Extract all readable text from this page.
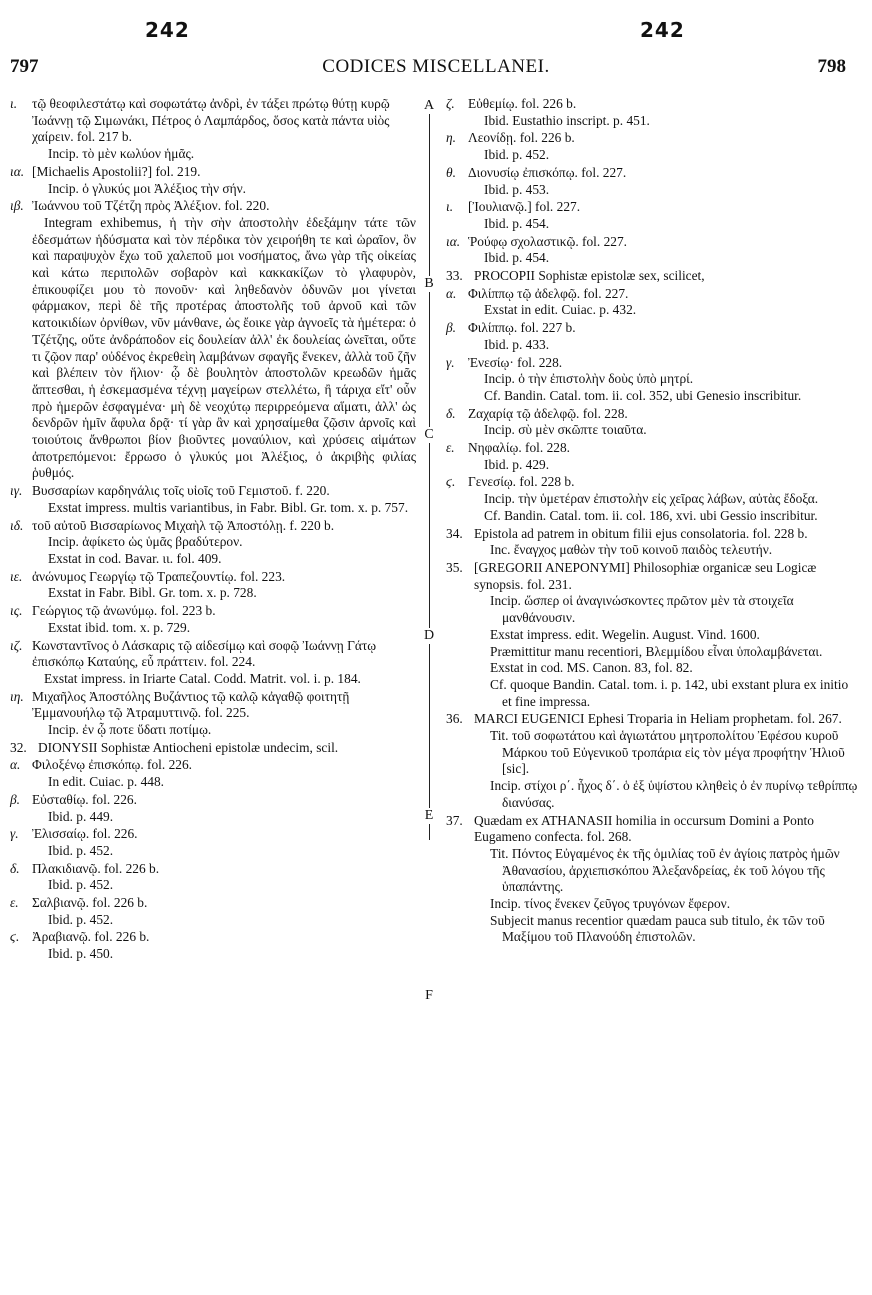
242	242
797	CODICES MISCELLANEI.	798
A
B
C
D
E
F
ι. τῷ θεοφιλεστάτῳ καὶ σοφωτάτῳ ἀνδρὶ, ἐν τάξει πρώτῳ θύτῃ κυρῷ Ἰωάννῃ τῷ Σιμωνάκι, Πέτρος ὁ Λαμπάρδος, ὅσος κατὰ πάντα υἱὸς χαίρειν. fol. 217 b.
Incip. τὸ μὲν κωλύον ἡμᾶς.
ια. [Michaelis Apostolii?] fol. 219.
Incip. ὁ γλυκύς μοι Ἀλέξιος τὴν σήν.
ιβ. Ἰωάννου τοῦ Τζέτζη πρὸς Ἀλέξιον. fol. 220.
Integram exhibemus, ἡ τὴν σὴν ἀποστολὴν ἐδεξάμην τάτε τῶν ἐδεσμάτων ἡδύσματα καὶ τὸν πέρδικα τὸν χειροήθη τε καὶ ὡραῖον, ὃν καὶ παραψυχὸν ἔχω τοῦ χαλεποῦ μοι νοσήματος, ἄνω γὰρ τῆς οἰκείας καὶ κάτω περιπολῶν σοβαρὸν καὶ κακκακίζων τὸ γλαφυρὸν, ἐπικουφίζει μου τὸ πονοῦν· καὶ ληθεδανὸν ὀδυνῶν μοι γίνεται φάρμακον, περὶ δὲ τῆς προτέρας ἀποστολῆς τοῦ ἀρνοῦ καὶ τῶν κατοικιδίων ὀρνίθων, νῦν μάνθανε, ὡς ἔοικε γὰρ ἀγνοεῖς τὰ ἡμέτερα: ὁ Τζέτζης, οὔτε ἀνδράποδον εἰς δουλείαν ἀλλ' ἐκ δουλείας ὠνεῖται, οὔτε τι ζῷον παρ' οὐδένος ἐκρεθεὶη λαμβάνων σφαγῆς ἕνεκεν, ἀλλὰ τοῦ ζῆν καὶ βλέπειν τὸν ἥλιον· ᾧ δὲ βουλητὸν ἀποστολῶν κρεωδῶν ἡμᾶς ἅπτεσθαι, ἡ ἐσκεμασμένα τέχνῃ μαγείρων στελλέτω, ἢ τάριχα εἴτ' οὖν πρὸ ἡμερῶν ἐσφαγμένα· μὴ δὲ νεοχύτῳ περιρρεόμενα αἵματι, ἀλλ' ὡς δενδρῶν ἡμῖν ἄφυλα δρᾷ· τί γὰρ ἂν καὶ χρησαίμεθα ζῷσιν ἀρνοῖς καὶ τοιούτοις ἄνθρωποι βίον βιοῦντες μοναύλιον, καὶ χρύσεις αἱμάτων ἀποτρεπόμενοι: ἔρρωσο ὁ γλυκύς μοι Ἀλέξιος, ὁ ἀκριβὴς φιλίας ῥυθμός.
ιγ. Βυσσαρίων καρδηνάλις τοῖς υἱοῖς τοῦ Γεμιστοῦ. f. 220.
Exstat impress. multis variantibus, in Fabr. Bibl. Gr. tom. x. p. 757.
ιδ. τοῦ αὐτοῦ Βισσαρίωνος Μιχαὴλ τῷ Ἀποστόλῃ. f. 220 b.
Incip. ἀφίκετο ὡς ὑμᾶς βραδύτερον.
Exstat in cod. Bavar. ιι. fol. 409.
ιε. ἀνώνυμος Γεωργίῳ τῷ Τραπεζουντίῳ. fol. 223.
Exstat in Fabr. Bibl. Gr. tom. x. p. 728.
ις. Γεώργιος τῷ ἀνωνύμῳ. fol. 223 b.
Exstat ibid. tom. x. p. 729.
ιζ. Κωνσταντῖνος ὁ Λάσκαρις τῷ αἰδεσίμῳ καὶ σοφῷ Ἰωάννῃ Γάτῳ ἐπισκόπῳ Καταύης, εὖ πράττειν. fol. 224.
Exstat impress. in Iriarte Catal. Codd. Matrit. vol. i. p. 184.
ιη. Μιχαῆλος Ἀποστόλης Βυζάντιος τῷ καλῷ κἀγαθῷ φοιτητῇ Ἐμμανουήλῳ τῷ Ἀτραμυττινῷ. fol. 225.
Incip. ἐν ᾧ ποτε ὕδατι ποτίμῳ.
32. DIONYSII Sophistæ Antiocheni epistolæ undecim, scil.
α. Φιλοξένῳ ἐπισκόπῳ. fol. 226.
In edit. Cuiac. p. 448.
β. Εὐσταθίῳ. fol. 226.
Ibid. p. 449.
γ. Ἐλισσαίῳ. fol. 226.
Ibid. p. 452.
δ. Πλακιδιανῷ. fol. 226 b.
Ibid. p. 452.
ε. Σαλβιανῷ. fol. 226 b.
Ibid. p. 452.
ϛ. Ἀραβιανῷ. fol. 226 b.
Ibid. p. 450.
ζ. Εὐθεμίῳ. fol. 226 b.
Ibid. Eustathio inscript. p. 451.
η. Λεονίδῃ. fol. 226 b.
Ibid. p. 452.
θ. Διονυσίῳ ἐπισκόπῳ. fol. 227.
Ibid. p. 453.
ι. [Ἰουλιανῷ.] fol. 227.
Ibid. p. 454.
ια. Ῥούφῳ σχολαστικῷ. fol. 227.
Ibid. p. 454.
33. PROCOPII Sophistæ epistolæ sex, scilicet,
α. Φιλίππῳ τῷ ἀδελφῷ. fol. 227.
Exstat in edit. Cuiac. p. 432.
β. Φιλίππῳ. fol. 227 b.
Ibid. p. 433.
γ. Ἐνεσίῳ· fol. 228.
Incip. ὁ τὴν ἐπιστολὴν δοὺς ὑπὸ μητρί.
Cf. Bandin. Catal. tom. ii. col. 352, ubi Genesio inscribitur.
δ. Ζαχαρίᾳ τῷ ἀδελφῷ. fol. 228.
Incip. σὺ μὲν σκῶπτε τοιαῦτα.
ε. Νηφαλίῳ. fol. 228.
Ibid. p. 429.
ϛ. Γενεσίῳ. fol. 228 b.
Incip. τὴν ὑμετέραν ἐπιστολὴν εἰς χεῖρας λάβων, αὐτὰς ἔδοξα.
Cf. Bandin. Catal. tom. ii. col. 186, xvi. ubi Gessio inscribitur.
34. Epistola ad patrem in obitum filii ejus consolatoria. fol. 228 b.
Inc. ἔναγχος μαθὼν τὴν τοῦ κοινοῦ παιδὸς τελευτήν.
35. [GREGORII ANEPONYMI] Philosophiæ organicæ seu Logicæ synopsis. fol. 231.
Incip. ὥσπερ οἱ ἀναγινώσκοντες πρῶτον μὲν τὰ στοιχεῖα μανθάνουσιν.
Exstat impress. edit. Wegelin. August. Vind. 1600.
Præmittitur manu recentiori, Βλεμμίδου εἶναι ὑπολαμβάνεται.
Exstat in cod. MS. Canon. 83, fol. 82.
Cf. quoque Bandin. Catal. tom. i. p. 142, ubi exstant plura ex initio et fine impressa.
36. MARCI EUGENICI Ephesi Troparia in Heliam prophetam. fol. 267.
Tit. τοῦ σοφωτάτου καὶ ἁγιωτάτου μητροπολίτου Ἐφέσου κυροῦ Μάρκου τοῦ Εὐγενικοῦ τροπάρια εἰς τὸν μέγα προφήτην Ἡλιοῦ [sic].
Incip. στίχοι ρ΄. ἦχος δ΄. ὁ ἐξ ὑψίστου κληθεὶς ὁ ἐν πυρίνῳ τεθρίππῳ διανύσας.
37. Quædam ex ATHANASII homilia in occursum Domini a Ponto Eugameno confecta. fol. 268.
Tit. Πόντος Εὐγαμένος ἐκ τῆς ὁμιλίας τοῦ ἐν ἁγίοις πατρὸς ἡμῶν Ἀθανασίου, ἀρχιεπισκόπου Ἀλεξανδρείας, ἐκ τοῦ λόγου τῆς ὑπαπάντης.
Incip. τίνος ἕνεκεν ζεῦγος τρυγόνων ἔφερον.
Subjecit manus recentior quædam pauca sub titulo, ἐκ τῶν τοῦ Μαξίμου τοῦ Πλανούδη ἐπιστολῶν.
